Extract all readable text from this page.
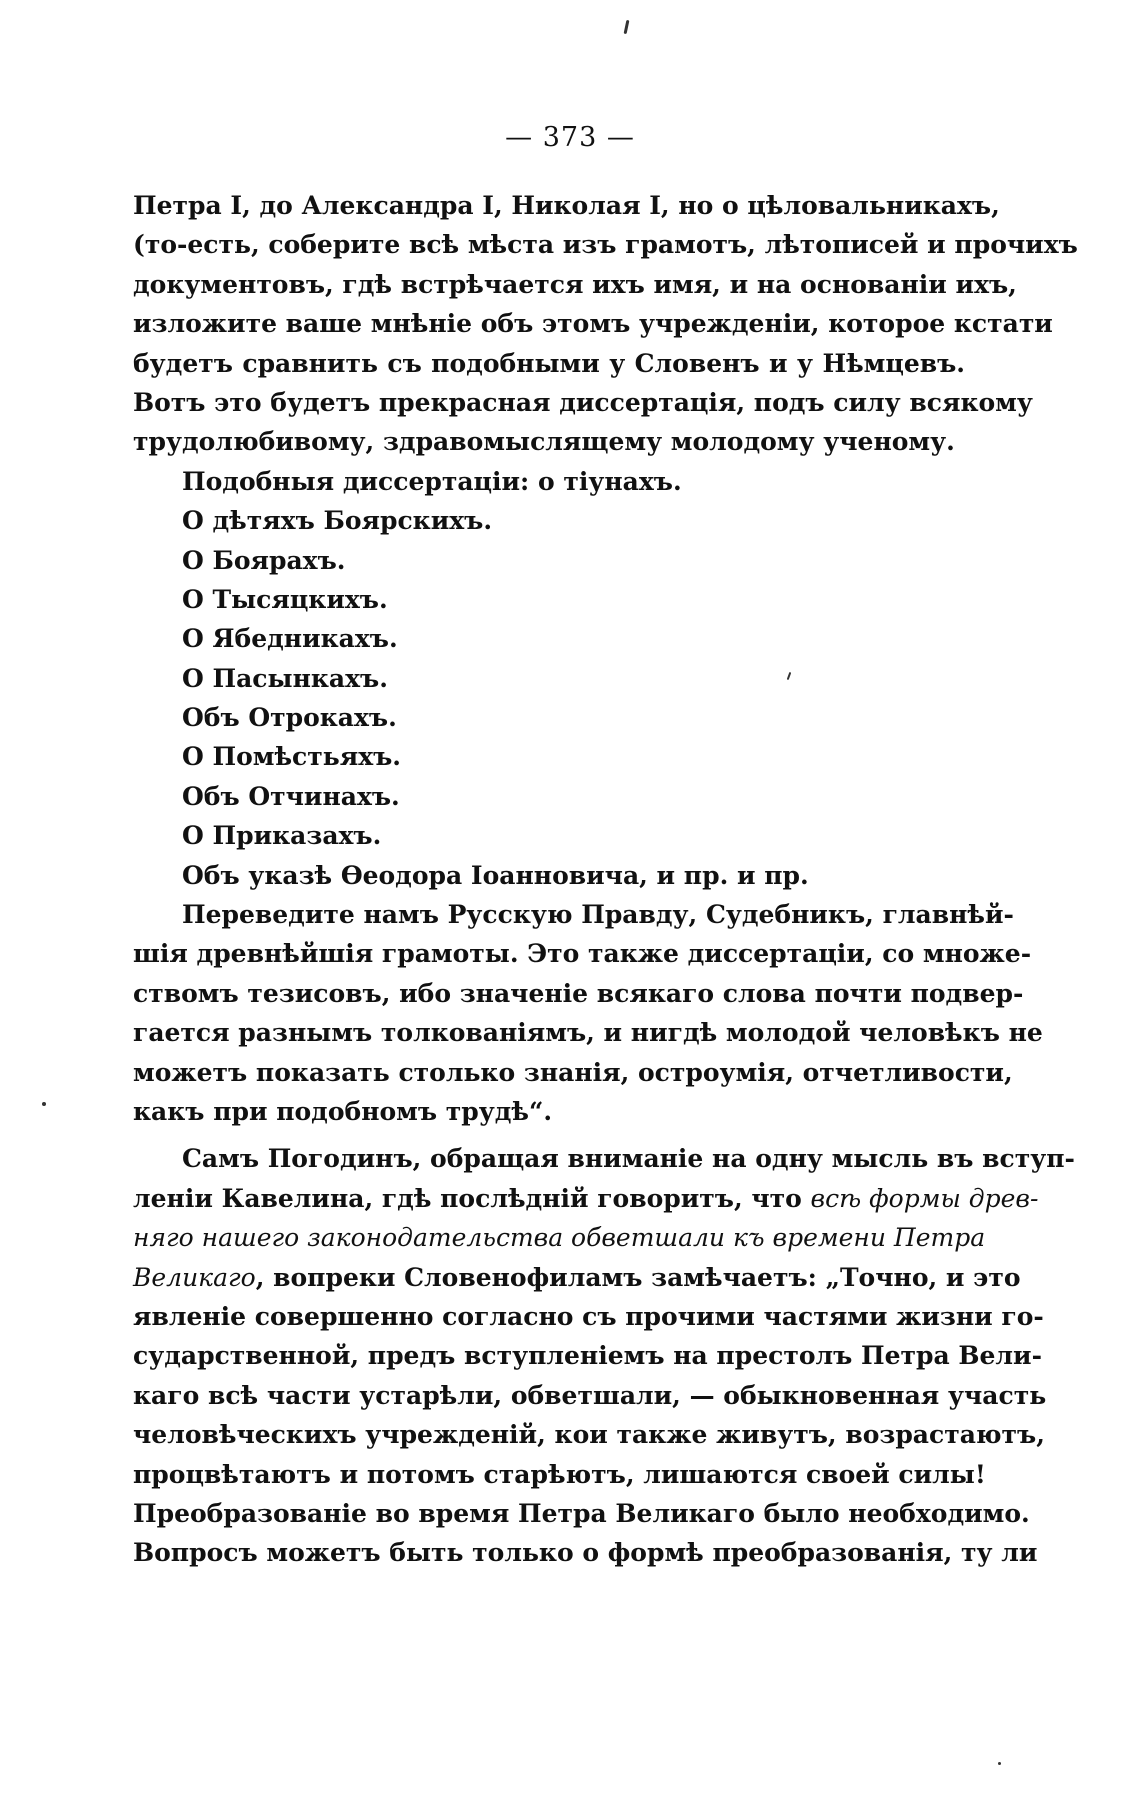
— 373 —
Петра I, до Александра I, Николая I, но о цѣловальникахъ,
(то-есть, соберите всѣ мѣста изъ грамотъ, лѣтописей и прочихъ
документовъ, гдѣ встрѣчается ихъ имя, и на основанiи ихъ,
изложите ваше мнѣнiе объ этомъ учрежденiи, которое кстати
будетъ сравнить съ подобными у Словенъ и у Нѣмцевъ.
Вотъ это будетъ прекрасная диссертацiя, подъ силу всякому
трудолюбивому, здравомыслящему молодому ученому.
Подобныя диссертацiи: о тiунахъ.
О дѣтяхъ Боярскихъ.
О Боярахъ.
О Тысяцкихъ.
О Ябедникахъ.
О Пасынкахъ.
Объ Отрокахъ.
О Помѣстьяхъ.
Объ Отчинахъ.
О Приказахъ.
Объ указѣ Ѳеодора Iоанновича, и пр. и пр.
Переведите намъ Русскую Правду, Судебникъ, главнѣй-
шiя древнѣйшiя грамоты. Это также диссертацiи, со множе-
ствомъ тезисовъ, ибо значенiе всякаго слова почти подвер-
гается разнымъ толкованiямъ, и нигдѣ молодой человѣкъ не
можетъ показать столько знанiя, остроумiя, отчетливости,
какъ при подобномъ трудѣ“.
Самъ Погодинъ, обращая вниманiе на одну мысль въ вступ-
ленiи Кавелина, гдѣ послѣднiй говоритъ, что всѣ формы древ-
няго нашего законодательства обветшали къ времени Петра
Великаго, вопреки Словенофиламъ замѣчаетъ: „Точно, и это
явленiе совершенно согласно съ прочими частями жизни го-
сударственной, предъ вступленiемъ на престолъ Петра Вели-
каго всѣ части устарѣли, обветшали, — обыкновенная участь
человѣческихъ учрежденiй, кои также живутъ, возрастаютъ,
процвѣтаютъ и потомъ старѣютъ, лишаются своей силы!
Преобразованiе во время Петра Великаго было необходимо.
Вопросъ можетъ быть только о формѣ преобразованiя, ту ли
